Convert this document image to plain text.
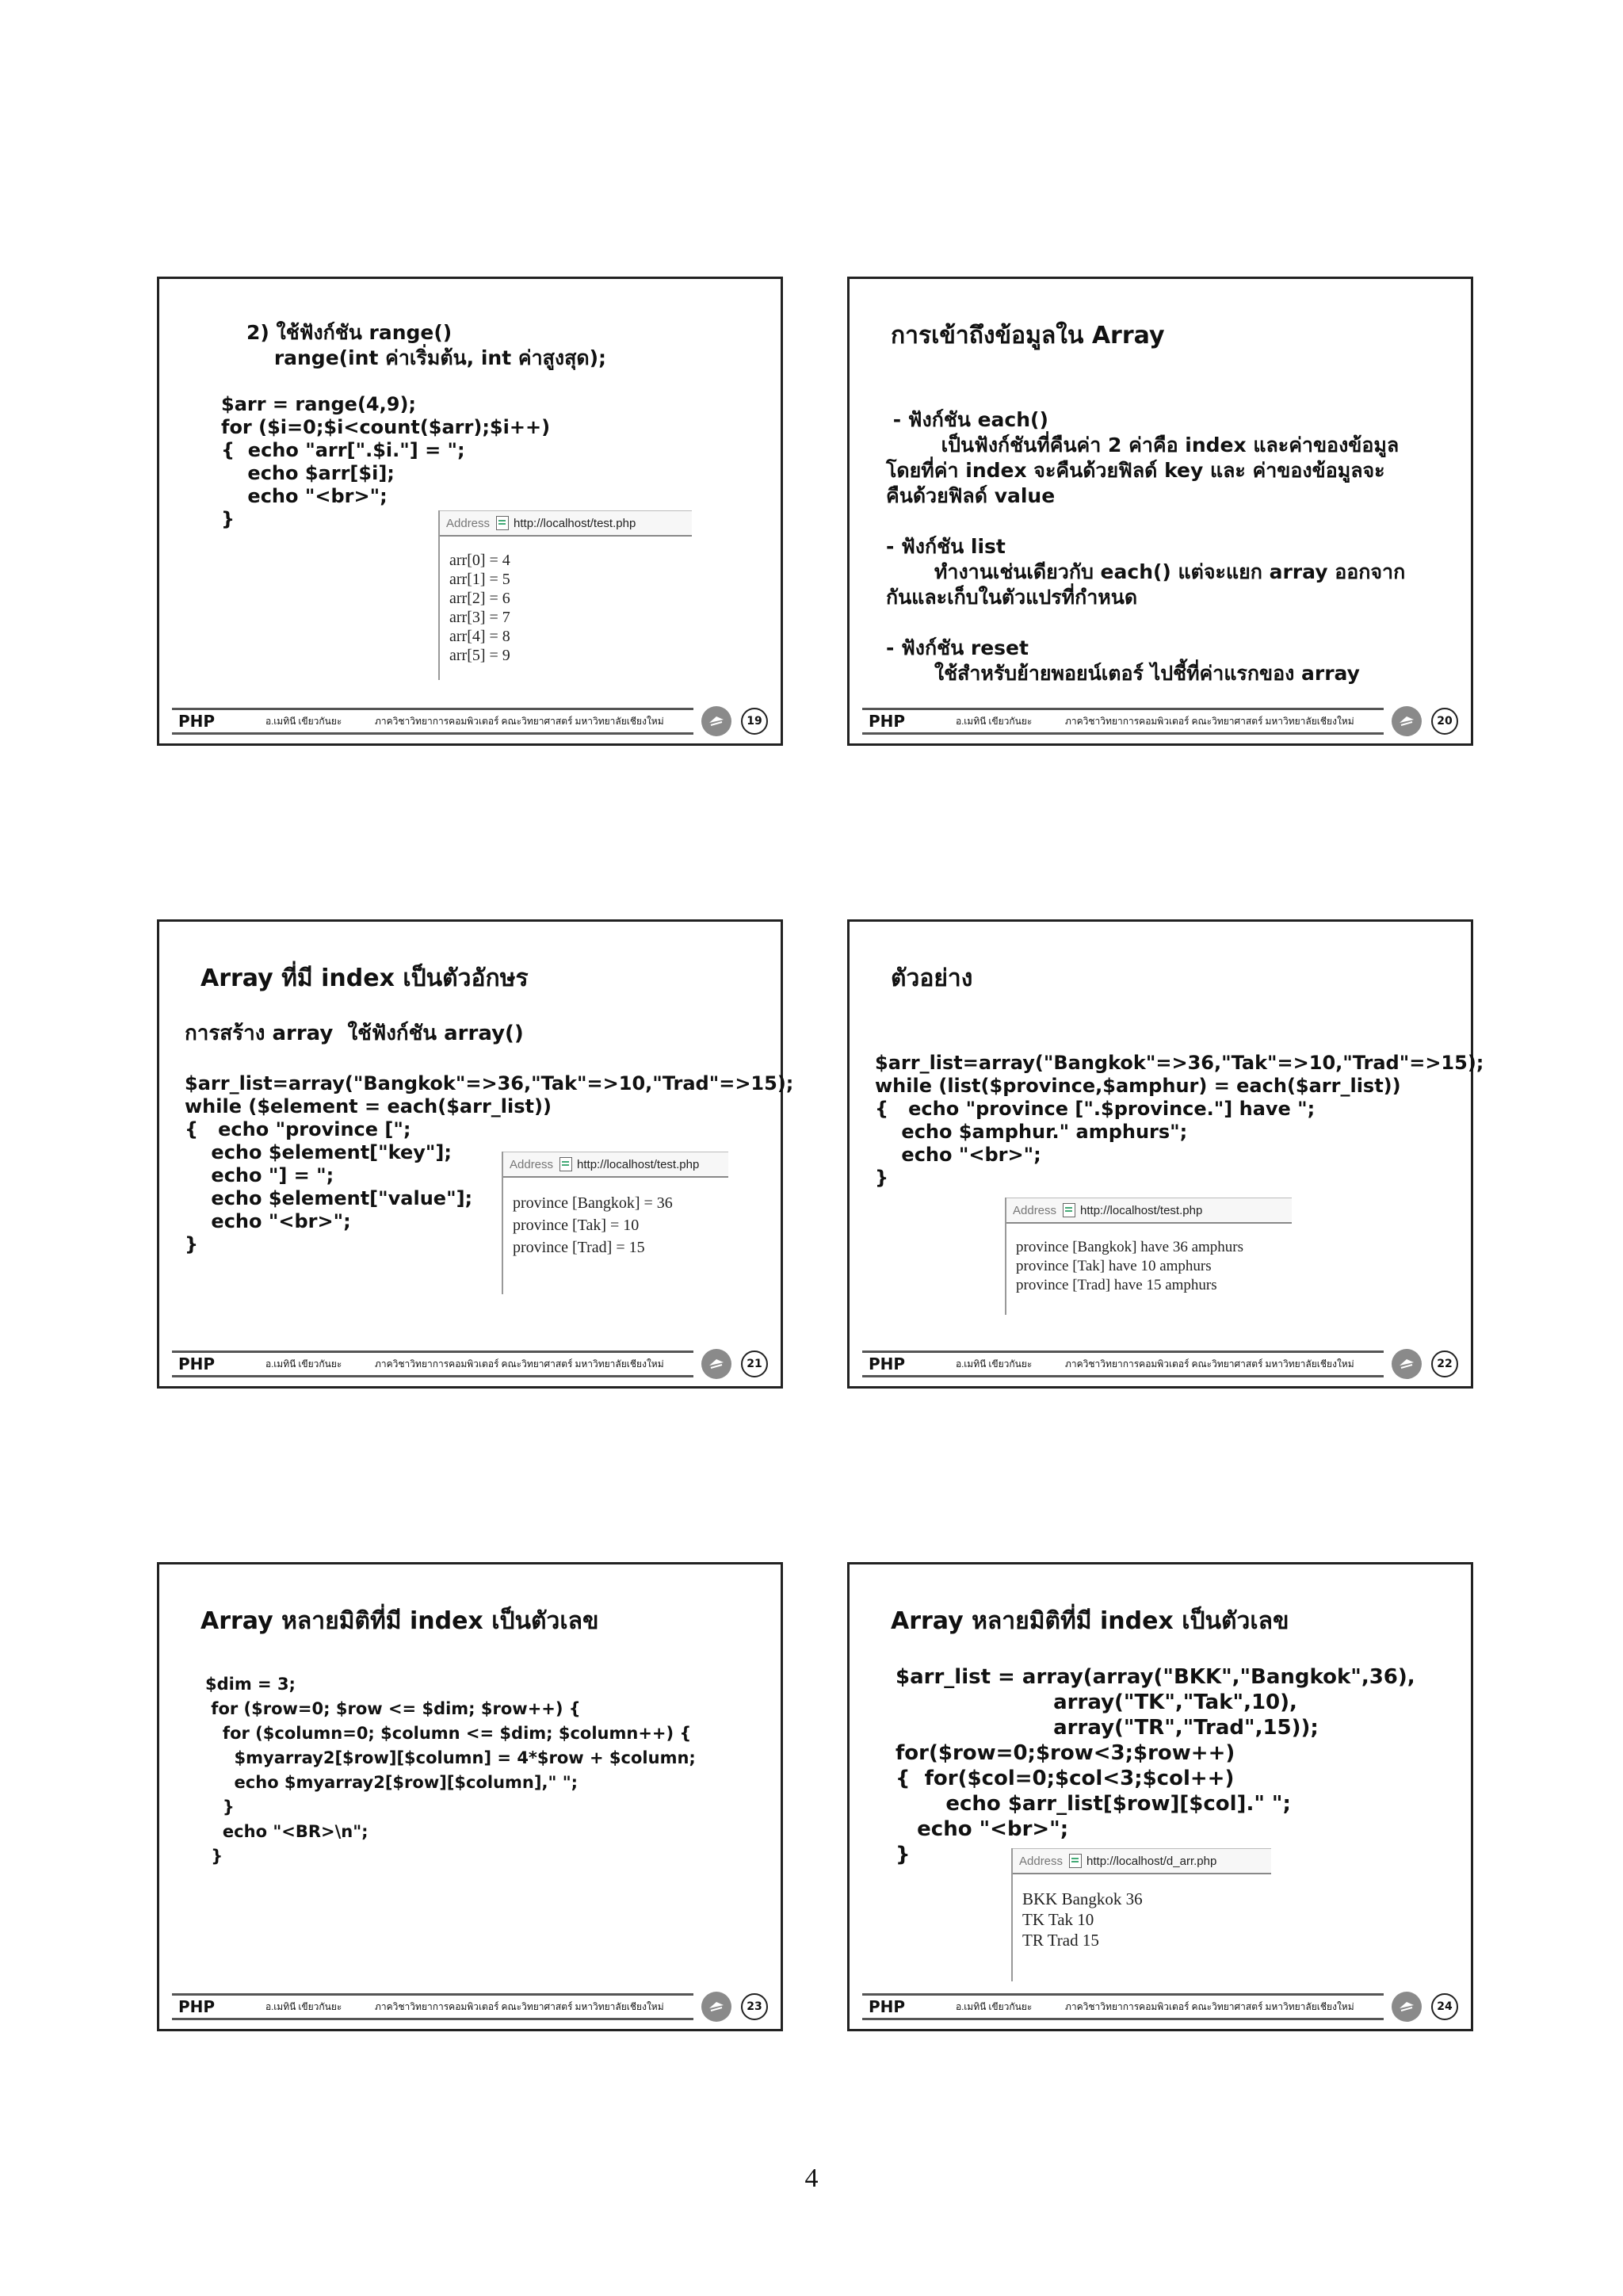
2) ใช้ฟังก์ชัน range()
range(int ค่าเริ่มต้น, int ค่าสูงสุด);
$arr = range(4,9);
for ($i=0;$i<count($arr);$i++)
{  echo "arr[".$i."] = ";
echo $arr[$i];
echo "<br>";
}	Address	http://localhost/test.php
arr[0] = 4
arr[1] = 5
arr[2] = 6
arr[3] = 7
arr[4] = 8
arr[5] = 9
PHP	อ.เมทินี เขียวกันยะ	ภาควิชาวิทยาการคอมพิวเตอร์ คณะวิทยาศาสตร์ มหาวิทยาลัยเชียงใหม่	19
การเข้าถึงข้อมูลใน Array
- ฟังก์ชัน each()
เป็นฟังก์ชันที่คืนค่า 2 ค่าคือ index และค่าของข้อมูล
โดยที่ค่า index จะคืนด้วยฟิลด์ key และ ค่าของข้อมูลจะ
คืนด้วยฟิลด์ value

- ฟังก์ชัน list
ทำงานเช่นเดียวกับ each() แต่จะแยก array ออกจาก
กันและเก็บในตัวแปรที่กำหนด

- ฟังก์ชัน reset
ใช้สำหรับย้ายพอยน์เตอร์ ไปชี้ที่ค่าแรกของ array
PHP	อ.เมทินี เขียวกันยะ	ภาควิชาวิทยาการคอมพิวเตอร์ คณะวิทยาศาสตร์ มหาวิทยาลัยเชียงใหม่	20
Array ที่มี index เป็นตัวอักษร
การสร้าง array  ใช้ฟังก์ชัน array()
$arr_list=array("Bangkok"=>36,"Tak"=>10,"Trad"=>15);
while ($element = each($arr_list))
{   echo "province [";
echo $element["key"];
echo "] = ";
echo $element["value"];
echo "<br>";
}
Address	http://localhost/test.php
province [Bangkok] = 36
province [Tak] = 10
province [Trad] = 15
PHP	อ.เมทินี เขียวกันยะ	ภาควิชาวิทยาการคอมพิวเตอร์ คณะวิทยาศาสตร์ มหาวิทยาลัยเชียงใหม่	21
ตัวอย่าง
$arr_list=array("Bangkok"=>36,"Tak"=>10,"Trad"=>15);
while (list($province,$amphur) = each($arr_list))
{   echo "province [".$province."] have ";
echo $amphur." amphurs";
echo "<br>";
}
Address	http://localhost/test.php
province [Bangkok] have 36 amphurs
province [Tak] have 10 amphurs
province [Trad] have 15 amphurs
PHP	อ.เมทินี เขียวกันยะ	ภาควิชาวิทยาการคอมพิวเตอร์ คณะวิทยาศาสตร์ มหาวิทยาลัยเชียงใหม่	22
Array หลายมิติที่มี index เป็นตัวเลข
$dim = 3;
for ($row=0; $row <= $dim; $row++) {
for ($column=0; $column <= $dim; $column++) {
$myarray2[$row][$column] = 4*$row + $column;
echo $myarray2[$row][$column]," ";
}
echo "<BR>\n";
}
PHP	อ.เมทินี เขียวกันยะ	ภาควิชาวิทยาการคอมพิวเตอร์ คณะวิทยาศาสตร์ มหาวิทยาลัยเชียงใหม่	23
Array หลายมิติที่มี index เป็นตัวเลข
$arr_list = array(array("BKK","Bangkok",36),
array("TK","Tak",10),
array("TR","Trad",15));
for($row=0;$row<3;$row++)
{  for($col=0;$col<3;$col++)
echo $arr_list[$row][$col]." ";
echo "<br>";
}	Address	http://localhost/d_arr.php
BKK Bangkok 36
TK Tak 10
TR Trad 15
PHP	อ.เมทินี เขียวกันยะ	ภาควิชาวิทยาการคอมพิวเตอร์ คณะวิทยาศาสตร์ มหาวิทยาลัยเชียงใหม่	24
4
